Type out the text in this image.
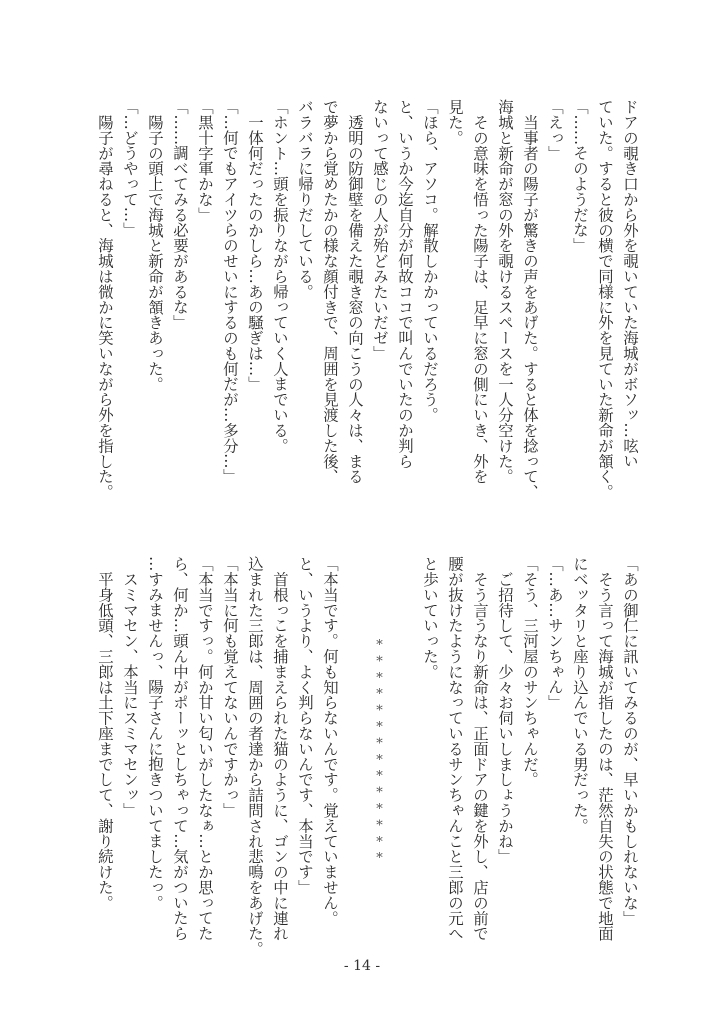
ドアの覗き口から外を覗いていた海城がボソッ…呟い

ていた。すると彼の横で同様に外を見ていた新命が頷く。

「……そのようだな」

「えっ」

　当事者の陽子が驚きの声をあげた。すると体を捻って、

海城と新命が窓の外を覗けるスペースを一人分空けた。

　その意味を悟った陽子は、足早に窓の側にいき、外を

見た。

「ほら、アソコ。解散しかかっているだろう。

と、いうか今迄自分が何故ココで叫んでいたのか判ら

ないって感じの人が殆どみたいだゼ」

　透明の防御壁を備えた覗き窓の向こうの人々は、まる

で夢から覚めたかの様な顔付きで、周囲を見渡した後、

バラバラに帰りだしている。

「ホント…頭を振りながら帰っていく人までいる。

　一体何だったのかしら…あの騒ぎは…」

「…何でもアイツらのせいにするのも何だが…多分…」

「黒十字軍かな」

「……調べてみる必要があるな」

　陽子の頭上で海城と新命が頷きあった。

「…どうやって…」

　陽子が尋ねると、海城は微かに笑いながら外を指した。

「あの御仁に訊いてみるのが、早いかもしれないな」

　そう言って海城が指したのは、茫然自失の状態で地面

にベッタリと座り込んでいる男だった。

「…あ…サンちゃん」

「そう、三河屋のサンちゃんだ。

　ご招待して、少々お伺いしましょうかね」

　そう言うなり新命は、正面ドアの鍵を外し、店の前で

腰が抜けたようになっているサンちゃんこと三郎の元へ

と歩いていった。

**************

「本当です。何も知らないんです。覚えていません。

と、いうより、よく判らないんです、本当です」

　首根っこを捕まえられた猫のように、ゴンの中に連れ

込まれた三郎は、周囲の者達から詰問され悲鳴をあげた。

「本当に何も覚えてないんですかっ」

「本当ですっ。何か甘い匂いがしたなぁ…とか思ってた

ら、何か…頭ん中がポーッとしちゃって…気がついたら

…すみませんっ、陽子さんに抱きついてましたっ。

　スミマセン、本当にスミマセンッ」

　平身低頭、三郎は土下座までして、謝り続けた。

- 14 -
